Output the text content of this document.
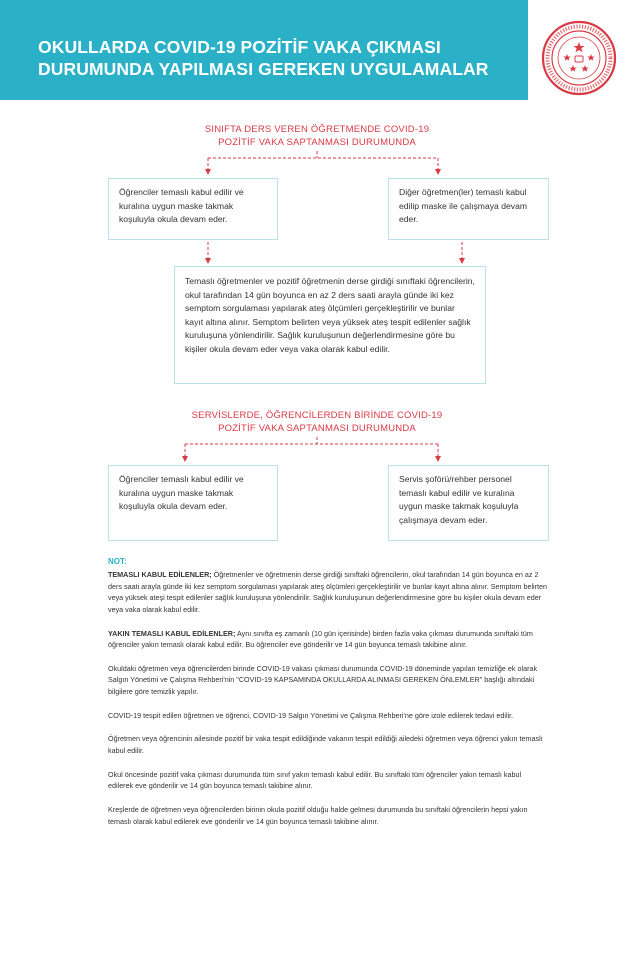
OKULLARDA COVID-19 POZİTİF VAKA ÇIKMASI
DURUMUNDA YAPILMASI GEREKEN UYGULAMALAR
SINIFTA DERS VEREN ÖĞRETMENDE COVID-19
POZİTİF VAKA SAPTANMASI DURUMUNDA
Öğrenciler temaslı kabul edilir ve kuralına uygun maske takmak koşuluyla okula devam eder.
Diğer öğretmen(ler) temaslı kabul edilip maske ile çalışmaya devam eder.
Temaslı öğretmenler ve pozitif öğretmenin derse girdiği sınıftaki öğrencilerin, okul tarafından 14 gün boyunca en az 2 ders saati arayla günde iki kez semptom sorgulaması yapılarak ateş ölçümleri gerçekleştirilir ve bunlar kayıt altına alınır. Semptom belirten veya yüksek ateş tespit edilenler sağlık kuruluşuna yönlendirilir. Sağlık kuruluşunun değerlendirmesine göre bu kişiler okula devam eder veya vaka olarak kabul edilir.
SERVİSLERDE, ÖĞRENCİLERDEN BİRİNDE COVID-19
POZİTİF VAKA SAPTANMASI DURUMUNDA
Öğrenciler temaslı kabul edilir ve kuralına uygun maske takmak koşuluyla okula devam eder.
Servis şoförü/rehber personel temaslı kabul edilir ve kuralına uygun maske takmak koşuluyla çalışmaya devam eder.
NOT:

TEMASLI KABUL EDİLENLER; Öğretmenler ve öğretmenin derse girdiği sınıftaki öğrencilerin, okul tarafından 14 gün boyunca en az 2 ders saati arayla günde iki kez semptom sorgulaması yapılarak ateş ölçümleri gerçekleştirilir ve bunlar kayıt altına alınır. Semptom belirten veya yüksek ateşi tespit edilenler sağlık kuruluşuna yönlendirilir. Sağlık kuruluşunun değerlendirmesine göre bu kişiler okula devam eder veya vaka olarak kabul edilir.

YAKIN TEMASLI KABUL EDİLENLER; Aynı sınıfta eş zamanlı (10 gün içerisinde) birden fazla vaka çıkması durumunda sınıftaki tüm öğrenciler yakın temaslı olarak kabul edilir. Bu öğrenciler eve gönderilir ve 14 gün boyunca temaslı takibine alınır.

Okuldaki öğretmen veya öğrencilerden birinde COVID-19 vakası çıkması durumunda COVID-19 döneminde yapılan temizliğe ek olarak Salgın Yönetimi ve Çalışma Rehberi'nin "COVID-19 KAPSAMINDA OKULLARDA ALINMASI GEREKEN ÖNLEMLER" başlığı altındaki bilgilere göre temizlik yapılır.

COVID-19 tespit edilen öğretmen ve öğrenci, COVID-19 Salgın Yönetimi ve Çalışma Rehberi'ne göre izole edilerek tedavi edilir.

Öğretmen veya öğrencinin ailesinde pozitif bir vaka tespit edildiğinde vakanın tespit edildiği ailedeki öğretmen veya öğrenci yakın temaslı kabul edilir.

Okul öncesinde pozitif vaka çıkması durumunda tüm sınıf yakın temaslı kabul edilir. Bu sınıftaki tüm öğrenciler yakın temaslı kabul edilerek eve gönderilir ve 14 gün boyunca temaslı takibine alınır.

Kreşlerde de öğretmen veya öğrencilerden birinin okula pozitif olduğu halde gelmesi durumunda bu sınıftaki öğrencilerin hepsi yakın temaslı olarak kabul edilerek eve gönderilir ve 14 gün boyunca temaslı takibine alınır.
